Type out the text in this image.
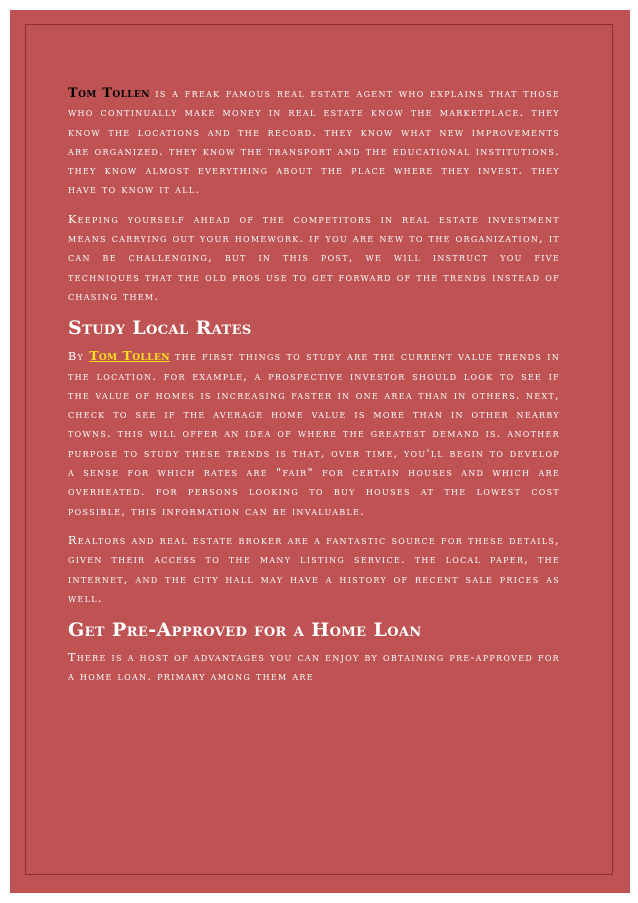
Tom Tollen is a freak famous real estate agent who explains that those who continually make money in real estate know the marketplace. they know the locations and the record. they know what new improvements are organized. they know the transport and the educational institutions. they know almost everything about the place where they invest. they have to know it all.

Keeping yourself ahead of the competitors in real estate investment means carrying out your homework. if you are new to the organization, it can be challenging, but in this post, we will instruct you five techniques that the old pros use to get forward of the trends instead of chasing them.

Study Local Rates

By Tom Tollen the first things to study are the current value trends in the location. for example, a prospective investor should look to see if the value of homes is increasing faster in one area than in others. next, check to see if the average home value is more than in other nearby towns. this will offer an idea of where the greatest demand is. another purpose to study these trends is that, over time, you'll begin to develop a sense for which rates are "fair" for certain houses and which are overheated. for persons looking to buy houses at the lowest cost possible, this information can be invaluable.

Realtors and real estate broker are a fantastic source for these details, given their access to the many listing service. the local paper, the internet, and the city hall may have a history of recent sale prices as well.

Get Pre-Approved for a Home Loan

There is a host of advantages you can enjoy by obtaining pre-approved for a home loan. primary among them are
